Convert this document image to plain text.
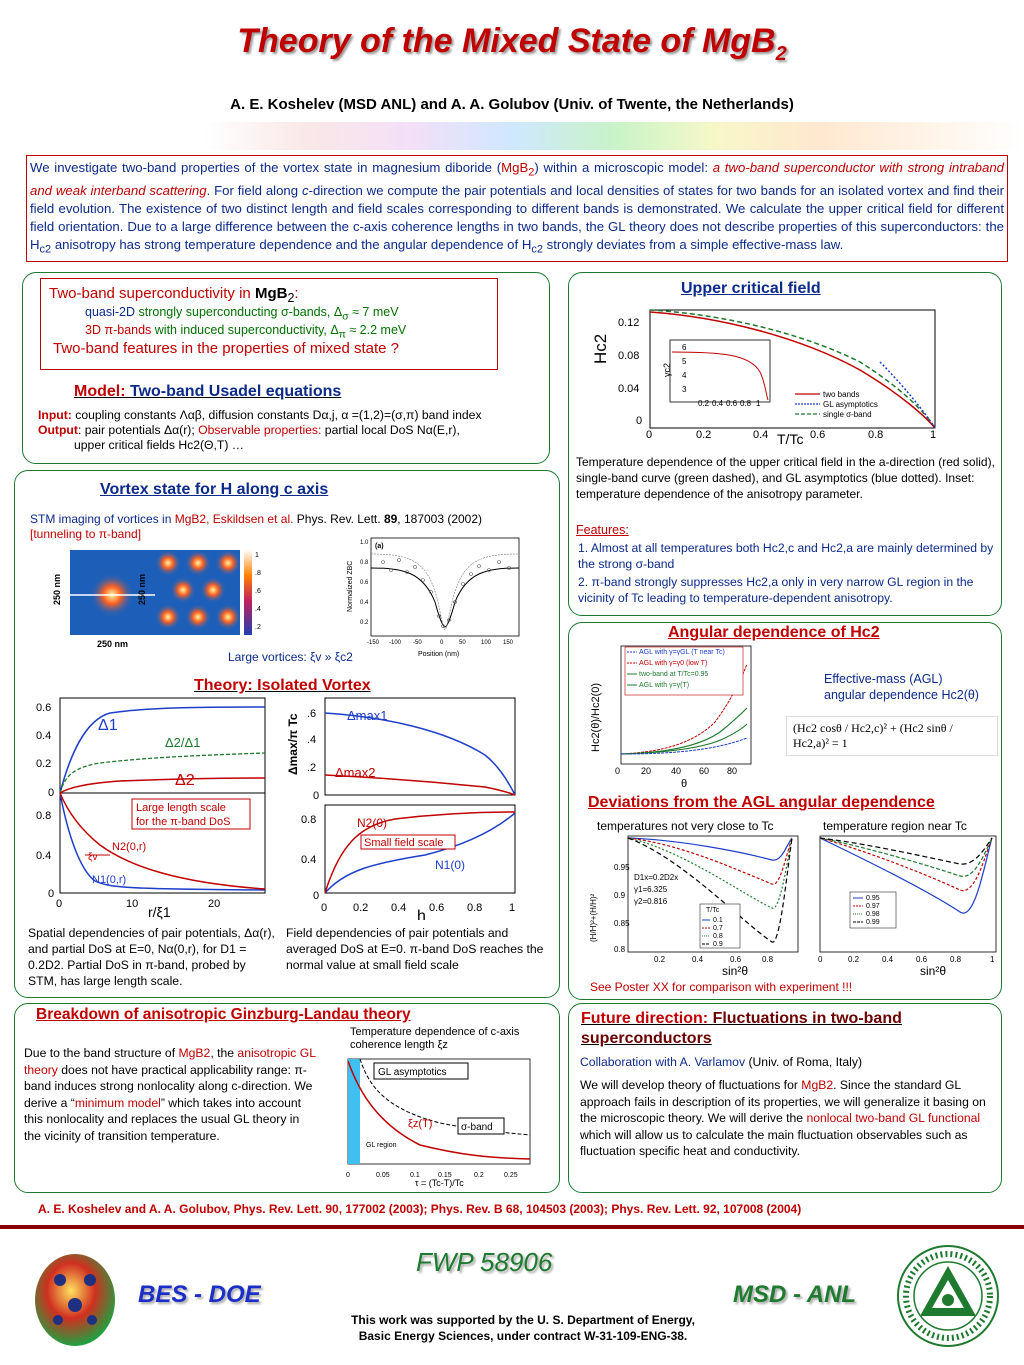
Theory of the Mixed State of MgB$_2$
A. E. Koshelev (MSD ANL) and A. A. Golubov (Univ. of Twente, the Netherlands)
We investigate two-band properties of the vortex state in magnesium diboride (MgB$_2$) within a microscopic model: a two-band superconductor with strong intraband and weak interband scattering. For field along c-direction we compute the pair potentials and local densities of states for two bands for an isolated vortex and find their field evolution. The existence of two distinct length and field scales corresponding to different bands is demonstrated. We calculate the upper critical field for different field orientation. Due to a large difference between the c-axis coherence lengths in two bands, the GL theory does not describe properties of this superconductors: the $H_{c2}$ anisotropy has strong temperature dependence and the angular dependence of $H_{c2}$ strongly deviates from a simple effective-mass law.
Two-band superconductivity in MgB$_2$:
quasi-2D strongly superconducting σ-bands, $\Delta_\sigma \approx 7$ meV
3D π-bands with induced superconductivity, $\Delta_\pi \approx 2.2$ meV
Two-band features in the properties of mixed state ?
Model: Two-band Usadel equations
Input: coupling constants Λαβ, diffusion constants Dα,j, α =(1,2)=(σ,π) band index
Output: pair potentials Δα(r); Observable properties: partial local DoS Nα(E,r),
upper critical fields Hc2(Θ,T) …
Vortex state for H along c axis
STM imaging of vortices in MgB2, Eskildsen et al. Phys. Rev. Lett. 89, 187003 (2002)
[tunneling to π-band]
1
.8
.6
.4
.2
250 nm	250 nm
250 nm
Normalized ZBC
(a)
1.0
0.8
0.6
0.4
0.2
-150 -100 -50	0	50	100 150
Position (nm)
Large vortices: ξv » ξc2
Theory: Isolated Vortex
0.6
0.4
0.2
0
0.8
0.4
0
0	10	20
Δ1
Δ2/Δ1
Δ2
N2(0,r)
ξv
N1(0,r)
r/ξ1
Large length scale
for the π-band DoS
.6
.4
.2
0
0.8
0.4
0
0 0.2 0.4 0.6 0.8 1
Δmax/π Tc	Δmax1
Δmax2
N2(0)
N1(0)
Small field scale
h
Spatial dependencies of pair potentials, Δα(r), and partial DoS at E=0, Nα(0,r), for D1 = 0.2D2. Partial DoS in π-band, probed by STM, has large length scale.
Field dependencies of pair potentials and averaged DoS at E=0. π-band DoS reaches the normal value at small field scale
Upper critical field
0.12
0.08
0.04
0
0	0.2	0.4	0.6	0.8	1
Hc2
T/Tc
6
5
4
3
0.2 0.4 0.6 0.8 1
γc2
two bands
GL asymptotics
single σ-band
Temperature dependence of the upper critical field in the a-direction (red solid), single-band curve (green dashed), and GL asymptotics (blue dotted). Inset: temperature dependence of the anisotropy parameter.
Features:
1. Almost at all temperatures both Hc2,c and Hc2,a are mainly determined by the strong σ-band
2. π-band strongly suppresses Hc2,a only in very narrow GL region in the vicinity of Tc leading to temperature-dependent anisotropy.
Angular dependence of Hc2
0 20 40 60 80
Hc2(θ)/Hc2(0)
θ
AGL with γ=γGL (T near Tc)
AGL with γ=γ0 (low T)
two-band at T/Tc=0.95
AGL with γ=γ(T)	Effective-mass (AGL)
angular dependence Hc2(θ)
(Hc2 cosθ / Hc2,c)² + (Hc2 sinθ / Hc2,a)² = 1
Deviations from the AGL angular dependence
temperatures not very close to Tc	temperature region near Tc
(H/H)²+(H/H)²
0.95
0.9
0.85
0.8
0.2	0.4	0.6	0.8
sin²θ
D1x=0.2D2x
γ1=6.325
γ2=0.816
T/Tc
0.1
0.7
0.8
0.9
0	0.2	0.4	0.6	0.8	1
sin²θ
0.95
0.97
0.98
0.99
See Poster XX for comparison with experiment !!!
Breakdown of anisotropic Ginzburg-Landau theory
Due to the band structure of MgB2, the anisotropic GL theory does not have practical applicability range: π-band induces strong nonlocality along c-direction. We derive a “minimum model” which takes into account this nonlocality and replaces the usual GL theory in the vicinity of transition temperature.
Temperature dependence of c-axis coherence length ξz
0	0.05	0.1	0.15	0.2	0.25
τ = (Tc-T)/Tc
GL asymptotics
σ-band
ξz(T)
GL region
Future direction: Fluctuations in two-band superconductors
Collaboration with A. Varlamov (Univ. of Roma, Italy)
We will develop theory of fluctuations for MgB2. Since the standard GL approach fails in description of its properties, we will generalize it basing on the microscopic theory. We will derive the nonlocal two-band GL functional which will allow us to calculate the main fluctuation observables such as fluctuation specific heat and conductivity.
A. E. Koshelev and A. A. Golubov, Phys. Rev. Lett. 90, 177002 (2003); Phys. Rev. B 68, 104503 (2003); Phys. Rev. Lett. 92, 107008 (2004)
BES - DOE
FWP 58906
MSD - ANL
This work was supported by the U. S. Department of Energy, Basic Energy Sciences, under contract W-31-109-ENG-38.
